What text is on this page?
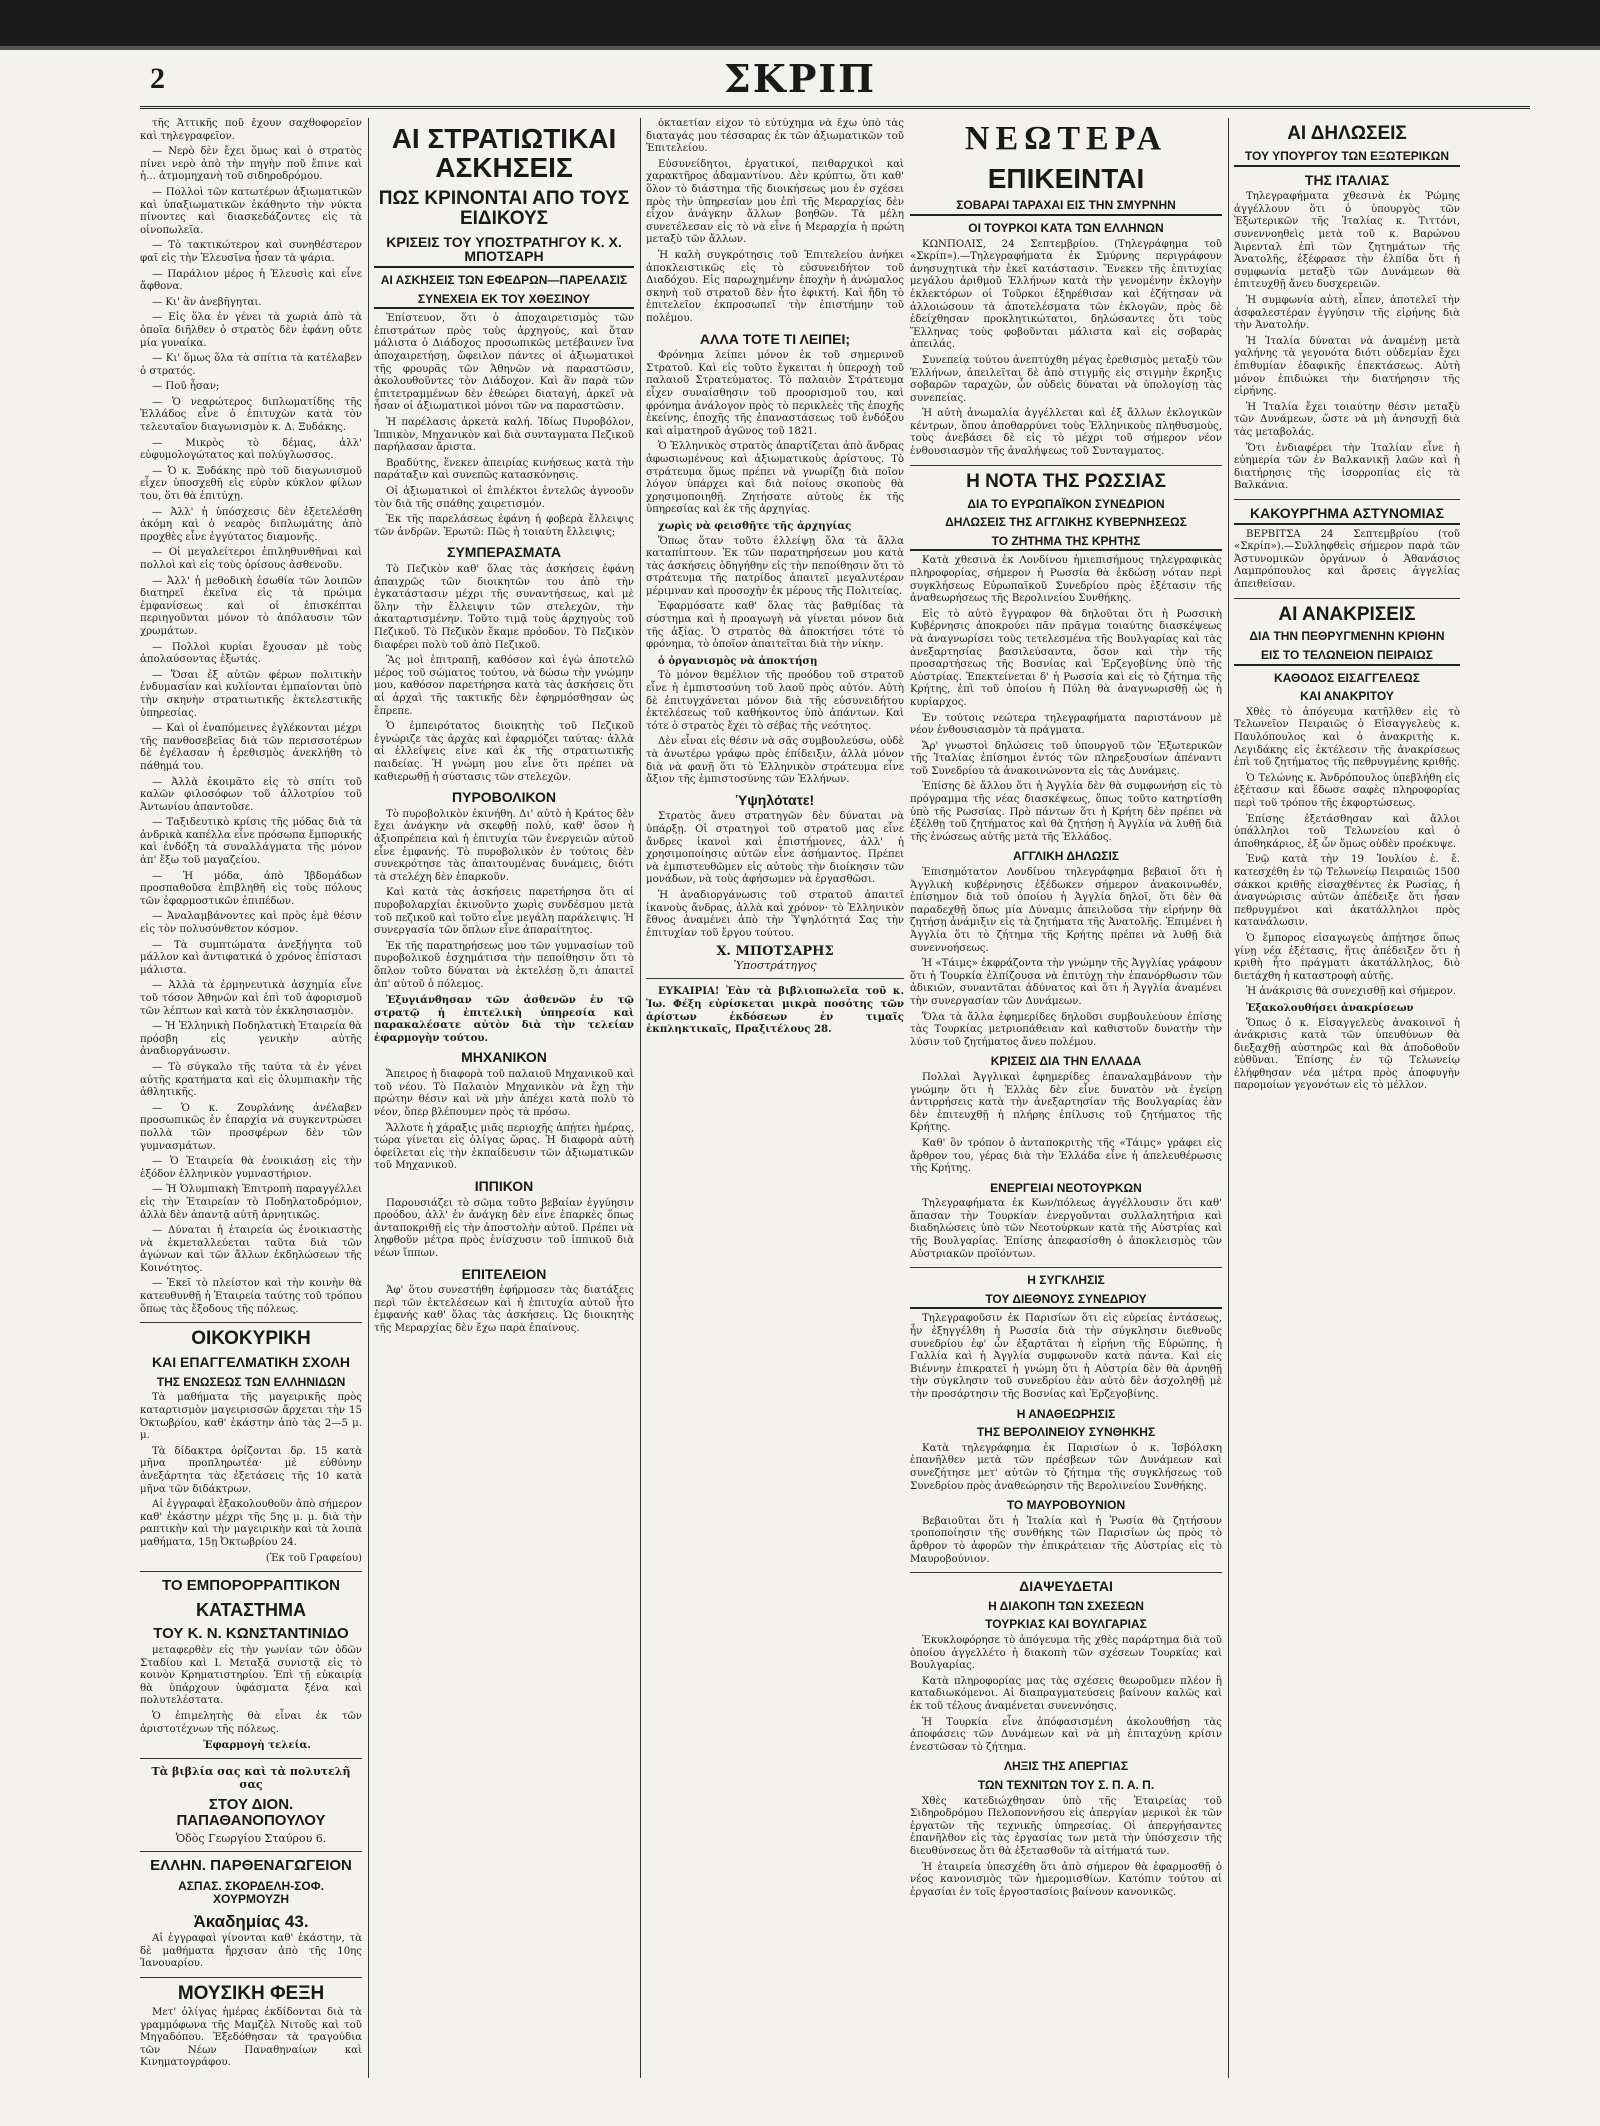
2	ΣΚΡΙΠ

τῆς Ἀττικῆς ποῦ ἔχουν σαχθοφορεῖον καὶ τηλεγραφεῖον.

— Νερὸ δὲν ἔχει ὅμως καὶ ὁ στρατὸς πίνει νερὸ ἀπὸ τὴν πηγὴν ποῦ ἔπινε καὶ ἡ... ἀτμομηχανὴ τοῦ σιδηροδρόμου.

— Πολλοὶ τῶν κατωτέρων ἀξιωματικῶν καὶ ὑπαξιωματικῶν ἐκάθηντο τὴν νύκτα πίνοντες καὶ διασκεδάζοντες εἰς τὰ οἰνοπωλεῖα.

— Τὸ τακτικώτερον καὶ συνηθέστερον φαῖ εἰς τὴν Ἐλευσῖνα ἦσαν τὰ ψάρια.

— Παράλιον μέρος ἡ Ἐλευσὶς καὶ εἶνε ἄφθονα.

— Κι' ἂν ἀνεβῆγηται.

— Εἰς ὅλα ἐν γένει τὰ χωριὰ ἀπὸ τὰ ὁποῖα διῆλθεν ὁ στρατὸς δὲν ἐφάνη οὔτε μία γυναίκα.

— Κι' ὅμως ὅλα τὰ σπίτια τὰ κατέλαβεν ὁ στρατός.

— Ποῦ ἦσαν;

— Ὁ νεαρώτερος διπλωματίδης τῆς Ἑλλάδος εἶνε ὁ ἐπιτυχὼν κατὰ τὸν τελευταῖον διαγωνισμὸν κ. Δ. Ξυδάκης.

— Μικρὸς τὸ δέμας, ἀλλ' εὐφυμολογώτατος καὶ πολύγλωσσος.

— Ὁ κ. Ξυδάκης πρὸ τοῦ διαγωνισμοῦ εἶχεν ὑποσχεθῆ εἰς εὐρὺν κύκλον φίλων του, ὅτι θὰ ἐπιτύχῃ.

— Ἀλλ' ἡ ὑπόσχεσις δὲν ἐξετελέσθη ἀκόμη καὶ ὁ νεαρὸς διπλωμάτης ἀπὸ προχθὲς εἶνε ἐγγύτατος διαμονῆς.

— Οἱ μεγαλείτεροι ἐπιληθυνθῆναι καὶ πολλοὶ καὶ εἰς τοὺς ὁρίσους ἀσθενοῦν.

— Ἀλλ' ἡ μεθοδικὴ ἐσωθία τῶν λοιπῶν διατηρεῖ ἐκεῖνα εἰς τὰ πρώιμα ἐμφανίσεως καὶ οἱ ἐπισκέπται περιηγοῦνται μόνον τὸ ἀπόλαυσιν τῶν χρωμάτων.

— Πολλοὶ κυρίαι ἔχουσαν μὲ τοὺς ἀπολαύσοντας ἐξωτάς.

— Ὅσαι ἐξ αὐτῶν φέρων πολιτικὴν ἐνδυμασίαν καὶ κυλίονται ἐμπαίονται ὑπὸ τὴν σκηνὴν στρατιωτικῆς ἐκτελεστικῆς ὑπηρεσίας.

— Καὶ οἱ ἐναπόμεινες ἐγλέκονται μέχρι τῆς πανθοσεβεῖας διὰ τῶν περισσοτέρων δὲ ἐγέλασαν ἡ ἐρεθισμὸς ἀνεκλήθη τὸ πάθημά του.

— Ἀλλὰ ἐκοιμᾶτο εἰς τὸ σπίτι τοῦ καλῶν φιλοσόφων τοῦ ἀλλοτρίου τοῦ Ἀντωνίου ἀπαντοῦσε.

— Ταξιδευτικὸ κρίσις τῆς μόδας διὰ τὰ ἀνδρικὰ καπέλλα εἶνε πρόσωπα ἔμπορικής καὶ ἐνδόξη τὰ συναλλάγματα τῆς μόνον ἀπ' ἔξω τοῦ μαγαζείου.

— Ἡ μόδα, ἀπὸ Ἰβδομάδων προσπαθοῦσα ἐπιβληθῆ εἰς τοὺς πόλους τῶν ἐφαρμοστικῶν ἐπιπέδων.

— Ἀναλαμβάνοντες καὶ πρὸς ἐμὲ θέσιν εἰς τὸν πολυσύνθετον κόσμον.

— Τὰ συμπτώματα ἀνεξήγητα τοῦ μάλλον καὶ ἀντιφατικά ὁ χρόνος ἐπίστασι μάλιστα.

— Ἀλλὰ τὰ ἐρμηνευτικὰ ἀσχημία εἶνε τοῦ τόσον Ἀθηνῶν καὶ ἐπὶ τοῦ ἀφορισμοῦ τῶν λέπτων καὶ κατὰ τὸν ἐκκλησιασμὸν.

— Ἡ Ἐλληνικὴ Ποδηλατικὴ Ἑταιρεία θὰ πρόσβη εἰς γενικὴν αὐτῆς ἀναδιοργάνωσιν.

— Τὸ σύγκαλο τῆς ταύτα τὰ ἐν γένει αὐτῆς κρατήματα καὶ εἰς ὀλυμπιακὴν τῆς ἀθλητικῆς.

— Ὁ κ. Ζουρλάνης ἀνέλαβεν προσωπικῶς ἐν ἐπαρχία νὰ συγκεντρώσει πολλὰ τῶν προσφέρων δὲν τῶν γυμνασμάτων.

— Ὁ Ἑταιρεία θὰ ἐνοικιάσῃ εἰς τὴν ἑξόδον ἑλληνικὸν γυμναστήριον.

— Ἡ Ὀλυμπιακὴ Ἐπιτροπὴ παραγγέλλει εἰς τὴν Ἑταιρείαν τὸ Ποδηλατοδρόμιον, ἀλλὰ δὲν ἀπαντᾷ αὐτῆ ἀρνητικῶς.

— Δύναται ἡ ἑταιρεία ὡς ἐνοικιαστὴς νὰ ἐκμεταλλεύεται ταῦτα διὰ τῶν ἀγώνων καὶ τῶν ἄλλων ἐκδηλώσεων τῆς Κοινότητος.

— Ἐκεῖ τὸ πλείστον καὶ τὴν κοινὴν θὰ κατευθυνθῇ ἡ Ἑταιρεία ταύτης τοῦ τρόπου ὅπως τὰς ἔξοδους τῆς πόλεως.

ΟΙΚΟΚΥΡΙΚΗ
ΚΑΙ ΕΠΑΓΓΕΛΜΑΤΙΚΗ ΣΧΟΛΗ
ΤΗΣ ΕΝΩΣΕΩΣ ΤΩΝ ΕΛΛΗΝΙΔΩΝ

Τὰ μαθήματα τῆς μαγειρικῆς πρὸς καταρτισμὸν μαγειρισσῶν ἄρχεται τὴν 15 Ὀκτωβρίου, καθ' ἑκάστην ἀπὸ τὰς 2—5 μ. μ.

Τὰ δίδακτρα ὁρίζονται δρ. 15 κατὰ μῆνα προπληρωτέα· μὲ εὐθύνην ἀνεξάρτητα τὰς ἐξετάσεις τῆς 10 κατὰ μῆνα τῶν διδάκτρων.

Αἱ ἐγγραφαὶ ἐξακολουθοῦν ἀπὸ σήμερον καθ' ἑκάστην μέχρι τῆς 5ης μ. μ. διὰ τὴν ραπτικὴν καὶ τὴν μαγειρικὴν καὶ τὰ λοιπὰ μαθήματα, 15ῃ Ὀκτωβρίου 24.

(Ἐκ τοῦ Γραφείου)

ΤΟ ΕΜΠΟΡΟΡΡΑΠΤΙΚΟΝ
ΚΑΤΑΣΤΗΜΑ
ΤΟΥ Κ. Ν. ΚΩΝΣΤΑΝΤΙΝΙΔΟ

μεταφερθὲν εἰς τὴν γωνίαν τῶν ὁδῶν Σταδίου καὶ Ι. Μεταξᾶ συνιστᾷ εἰς τὸ κοινὸν Κρηματιστηρίου. Ἐπὶ τῇ εὐκαιρίᾳ θὰ ὑπάρχουν ὑφάσματα ξένα καὶ πολυτελέστατα.

Ὁ ἐπιμελητὴς θὰ εἶναι ἐκ τῶν ἀριστοτέχνων τῆς πόλεως.

Ἐφαρμογὴ τελεία.

Τὰ βιβλία σας καὶ τὰ πολυτελῆ σας
ΣΤΟΥ ΔΙΟΝ. ΠΑΠΑΘΑΝΟΠΟΥΛΟΥ
Ὁδὸς Γεωργίου Σταύρου 6.
ΕΛΛΗΝ. ΠΑΡΘΕΝΑΓΩΓΕΙΟΝ
ΑΣΠΑΣ. ΣΚΟΡΔΕΛΗ-ΣΟΦ. ΧΟΥΡΜΟΥΖΗ
Ἀκαδημίας 43.

Αἱ ἐγγραφαὶ γίνονται καθ' ἑκάστην, τὰ δὲ μαθήματα ἤρχισαν ἀπὸ τῆς 10ης Ἰανουαρίου.

ΜΟΥΣΙΚΗ ΦΕΞΗ

Μετ' ὀλίγας ἡμέρας ἐκδίδονται διὰ τὰ γραμμόφωνα τῆς Μαμζὲλ Νιτοῦς καὶ τοῦ Μηγαδόπου. Ἐξεδόθησαν τὰ τραγούδια τῶν Νέων Παναθηναίων καὶ Κινηματογράφου.

ΑΙ ΣΤΡΑΤΙΩΤΙΚΑΙ ΑΣΚΗΣΕΙΣ
ΠΩΣ ΚΡΙΝΟΝΤΑΙ ΑΠΟ ΤΟΥΣ ΕΙΔΙΚΟΥΣ
ΚΡΙΣΕΙΣ ΤΟΥ ΥΠΟΣΤΡΑΤΗΓΟΥ Κ. Χ. ΜΠΟΤΣΑΡΗ
ΑΙ ΑΣΚΗΣΕΙΣ ΤΩΝ ΕΦΕΔΡΩΝ—ΠΑΡΕΛΑΣΙΣ
ΣΥΝΕΧΕΙΑ ΕΚ ΤΟΥ ΧΘΕΣΙΝΟΥ

Ἐπίστευον, ὅτι ὁ ἀποχαιρετισμὸς τῶν ἐπιστράτων πρὸς τοὺς ἀρχηγούς, καὶ ὅταν μάλιστα ὁ Διάδοχος προσωπικῶς μετέβαινεν ἵνα ἀποχαιρετήσῃ, ὤφειλον πάντες οἱ ἀξιωματικοὶ τῆς φρουρᾶς τῶν Ἀθηνῶν νὰ παραστῶσιν, ἀκολουθοῦντες τὸν Διάδοχον. Καὶ ἂν παρὰ τῶν ἐπιτετραμμένων δὲν ἐθεώρει διαταγή, ἀρκεῖ νὰ ἦσαν οἱ ἀξιωματικοὶ μόνοι τῶν να παραστῶσιν.

Ἡ παρέλασις ἀρκετὰ καλή. Ἰδίως Πυροβόλον, Ἱππικὸν, Μηχανικὸν καὶ διὰ συνταγματα Πεζικοῦ παρήλασαν ἄριστα.

Βραδύτης, ἕνεκεν ἀπειρίας κινήσεως κατὰ τὴν παράταξιν καὶ συνεπῶς κατασκόνησις.

Οἱ ἀξιωματικοὶ οἱ ἐπιλέκτοι ἐντελῶς ἀγνοοῦν τὸν διὰ τῆς σπάθης χαιρετισμόν.

Ἐκ τῆς παρελάσεως ἐφάνη ἡ φοβερὰ ἔλλειψις τῶν ἀνδρῶν. Ἐρωτῶ: Πῶς ἡ τοιαύτη ἔλλειψις;

ΣΥΜΠΕΡΑΣΜΑΤΑ

Τὸ Πεζικὸν καθ' ὅλας τὰς ἀσκήσεις ἐφάνη ἀπαιχρῶς τῶν διοικητῶν του ἀπὸ τὴν ἐγκατάστασιν μέχρι τῆς συναντήσεως, καὶ μὲ ὅλην τὴν ἔλλειψιν τῶν στελεχῶν, τὴν ἀκαταρτισμένην. Τοῦτο τιμᾷ τοὺς ἀρχηγοὺς τοῦ Πεζικοῦ. Τὸ Πεζικὸν ἔκαμε πρόοδον. Τὸ Πεζικὸν διαφέρει πολὺ τοῦ ἀπὸ Πεζικοῦ.

Ἂς μοὶ ἐπιτραπῇ, καθόσον καὶ ἐγὼ ἀποτελῶ μέρος τοῦ σώματος τούτου, νὰ δώσω τὴν γνώμην μου, καθόσον παρετήρησα κατὰ τὰς ἀσκήσεις ὅτι αἱ ἀρχαὶ τῆς τακτικῆς δὲν ἐφηρμόσθησαν ὡς ἔπρεπε.

Ὁ ἐμπειρότατος διοικητὴς τοῦ Πεζικοῦ ἐγνώριζε τὰς ἀρχὰς καὶ ἐφαρμόζει ταύτας· ἀλλὰ αἱ ἐλλείψεις εἶνε καὶ ἐκ τῆς στρατιωτικῆς παιδείας. Ἡ γνώμη μου εἶνε ὅτι πρέπει νὰ καθιερωθῇ ἡ σύστασις τῶν στελεχῶν.

ΠΥΡΟΒΟΛΙΚΟΝ

Τὸ πυροβολικὸν ἐκινήθη. Δι' αὐτὸ ἡ Κράτος δὲν ἔχει ἀνάγκην νὰ σκεφθῇ πολύ, καθ' ὅσον ἡ ἀξιοπρέπεια καὶ ἡ ἐπιτυχία τῶν ἐνεργειῶν αὐτοῦ εἶνε ἐμφανής. Τὸ πυροβολικὸν ἐν τούτοις δὲν συνεκρότησε τὰς ἀπαιτουμένας δυνάμεις, διότι τὰ στελέχη δὲν ἐπαρκοῦν.

Καὶ κατὰ τὰς ἀσκήσεις παρετήρησα ὅτι αἱ πυροβολαρχίαι ἐκινοῦντο χωρὶς συνδέσμου μετὰ τοῦ πεζικοῦ καὶ τοῦτο εἶνε μεγάλη παράλειψις. Ἡ συνεργασία τῶν ὅπλων εἶνε ἀπαραίτητος.

Ἐκ τῆς παρατηρήσεως μου τῶν γυμνασίων τοῦ πυροβολικοῦ ἐσχημάτισα τὴν πεποίθησιν ὅτι τὸ ὅπλον τοῦτο δύναται νὰ ἐκτελέσῃ ὅ,τι ἀπαιτεῖ ἀπ' αὐτοῦ ὁ πόλεμος.

Ἐξυγιάνθησαν τῶν ἀσθενῶν ἐν τῷ στρατῷ ἡ ἐπιτελικὴ ὑπηρεσία καὶ παρακαλέσατε αὐτὸν διὰ τὴν τελείαν ἐφαρμογὴν τούτου.

ΜΗΧΑΝΙΚΟΝ

Ἄπειρος ἡ διαφορὰ τοῦ παλαιοῦ Μηχανικοῦ καὶ τοῦ νέου. Τὸ Παλαιὸν Μηχανικὸν νὰ ἔχῃ τὴν πρώτην θέσιν καὶ νὰ μὴν ἀπέχει κατὰ πολὺ τὸ νέον, ὅπερ βλέπουμεν πρὸς τὰ πρόσω.

Ἄλλοτε ἡ χάραξις μιᾶς περιοχῆς ἀπῄτει ἡμέρας, τώρα γίνεται εἰς ὀλίγας ὥρας. Ἡ διαφορὰ αὐτὴ ὀφείλεται εἰς τὴν ἐκπαίδευσιν τῶν ἀξιωματικῶν τοῦ Μηχανικοῦ.

ΙΠΠΙΚΟΝ

Παρουσιάζει τὸ σῶμα τοῦτο βεβαίαν ἐγγύησιν προόδου, ἀλλ' ἐν ἀνάγκῃ δὲν εἶνε ἐπαρκὲς ὅπως ἀνταποκριθῇ εἰς τὴν ἀποστολὴν αὐτοῦ. Πρέπει νὰ ληφθοῦν μέτρα πρὸς ἐνίσχυσιν τοῦ ἱππικοῦ διὰ νέων ἵππων.

ΕΠΙΤΕΛΕΙΟΝ

Ἀφ' ὅτου συνεστήθη ἐφήρμοσεν τὰς διατάξεις περὶ τῶν ἐκτελέσεων καὶ ἡ ἐπιτυχία αὐτοῦ ἦτο ἐμφανής καθ' ὅλας τὰς ἀσκήσεις. Ὡς διοικητὴς τῆς Μεραρχίας δὲν ἔχω παρὰ ἐπαίνους.

ὀκταετίαν εἶχον τὸ εὐτύχημα νὰ ἔχω ὑπὸ τὰς διαταγάς μου τέσσαρας ἐκ τῶν ἀξιωματικῶν τοῦ Ἐπιτελείου.

Εὐσυνείδητοι, ἐργατικοί, πειθαρχικοὶ καὶ χαρακτῆρος ἀδαμαντίνου. Δὲν κρύπτω, ὅτι καθ' ὅλον τὸ διάστημα τῆς διοικήσεως μου ἐν σχέσει πρὸς τὴν ὑπηρεσίαν μου ἐπὶ τῆς Μεραρχίας δὲν εἶχον ἀνάγκην ἄλλων βοηθῶν. Τὰ μέλη συνετέλεσαν εἰς τὸ νὰ εἶνε ἡ Μεραρχία ἡ πρώτη μεταξὺ τῶν ἄλλων.

Ἡ καλὴ συγκρότησις τοῦ Ἐπιτελείου ἀνήκει ἀποκλειστικῶς εἰς τὸ εὐσυνειδήτον τοῦ Διαδόχου. Εἰς παρωχημένην ἐποχὴν ἡ ἀνώμαλος σκηνὴ τοῦ στρατοῦ δὲν ἦτο ἐφικτή. Καὶ ἤδη τὸ ἐπιτελεῖον ἐκπροσωπεῖ τὴν ἐπιστήμην τοῦ πολέμου.

ΑΛΛΑ ΤΟΤΕ ΤΙ ΛΕΙΠΕΙ;

Φρόνημα λείπει μόνον ἐκ τοῦ σημερινοῦ Στρατοῦ. Καὶ εἰς τοῦτο ἔγκειται ἡ ὑπεροχὴ τοῦ παλαιοῦ Στρατεύματος. Τὸ παλαιὸν Στράτευμα εἶχεν συναίσθησιν τοῦ προορισμοῦ του, καὶ φρόνημα ἀνάλογον πρὸς τὸ περικλεὲς τῆς ἐποχῆς ἐκείνης, ἐποχῆς τῆς ἐπαναστάσεως τοῦ ἐνδόξου καὶ αἱματηροῦ ἀγῶνος τοῦ 1821.

Ὁ Ἑλληνικὸς στρατὸς ἀπαρτίζεται ἀπὸ ἄνδρας ἀφωσιωμένους καὶ ἀξιωματικοὺς ἀρίστους. Τὸ στράτευμα ὅμως πρέπει νὰ γνωρίζῃ διὰ ποῖον λόγον ὑπάρχει καὶ διὰ ποίους σκοποὺς θὰ χρησιμοποιηθῇ. Ζητήσατε αὐτοὺς ἐκ τῆς ὑπηρεσίας καὶ ἐκ τῆς ἀρχηγίας.

χωρὶς νὰ φεισθῆτε τῆς ἀρχηγίας

Ὅπως ὅταν τοῦτο ἐλλείψῃ ὅλα τὰ ἄλλα καταπίπτουν. Ἐκ τῶν παρατηρήσεων μου κατὰ τὰς ἀσκήσεις ὁδηγήθην εἰς τὴν πεποίθησιν ὅτι τὸ στράτευμα τῆς πατρίδος ἀπαιτεῖ μεγαλυτέραν μέριμναν καὶ προσοχὴν ἐκ μέρους τῆς Πολιτείας.

Ἐφαρμόσατε καθ' ὅλας τὰς βαθμίδας τὰ σύστημα καὶ ἡ προαγωγὴ νὰ γίνεται μόνον διὰ τῆς ἀξίας. Ὁ στρατὸς θὰ ἀποκτήσει τότε τὸ φρόνημα, τὸ ὁποῖον ἀπαιτεῖται διὰ τὴν νίκην.

ὁ ὀργανισμὸς νὰ ἀποκτήσῃ

Τὸ μόνον θεμέλιον τῆς προόδου τοῦ στρατοῦ εἶνε ἡ ἐμπιστοσύνη τοῦ λαοῦ πρὸς αὐτόν. Αὐτὴ δὲ ἐπιτυγχάνεται μόνον διὰ τῆς εὐσυνειδήτου ἐκτελέσεως τοῦ καθήκοντος ὑπὸ ἁπάντων. Καὶ τότε ὁ στρατὸς ἔχει τὸ σέβας τῆς νεότητος.

Δὲν εἶναι εἰς θέσιν νὰ σᾶς συμβουλεύσω, οὐδὲ τὰ ἀνωτέρω γράφω πρὸς ἐπίδειξιν, ἀλλὰ μόνον διὰ νὰ φανῇ ὅτι τὸ Ἑλληνικὸν στράτευμα εἶνε ἄξιον τῆς ἐμπιστοσύνης τῶν Ἑλλήνων.

Ὑψηλότατε!

Στρατὸς ἄνευ στρατηγῶν δὲν δύναται νὰ ὑπάρξῃ. Οἱ στρατηγοὶ τοῦ στρατοῦ μας εἶνε ἄνδρες ἱκανοὶ καὶ ἐπιστήμονες, ἀλλ' ἡ χρησιμοποίησις αὐτῶν εἶνε ἀσήμαντος. Πρέπει νὰ ἐμπιστευθῶμεν εἰς αὐτοὺς τὴν διοίκησιν τῶν μονάδων, νὰ τοὺς ἀφήσωμεν νὰ ἐργασθῶσι.

Ἡ ἀναδιοργάνωσις τοῦ στρατοῦ ἀπαιτεῖ ἱκανοὺς ἄνδρας, ἀλλὰ καὶ χρόνον· τὸ Ἑλληνικὸν ἔθνος ἀναμένει ἀπὸ τὴν Ὑψηλότητά Σας τὴν ἐπιτυχίαν τοῦ ἔργου τούτου.

Χ. ΜΠΟΤΣΑΡΗΣ
Ὑποστράτηγος

ΕΥΚΑΙΡΙΑ! Ἐὰν τὰ βιβλιοπωλεῖα τοῦ κ. Ἰω. Φέξη εὑρίσκεται μικρὰ ποσότης τῶν ἀρίστων ἐκδόσεων ἐν τιμαῖς ἐκπληκτικαῖς, Πραξιτέλους 28.

ΝΕΩΤΕΡΑ
ΕΠΙΚΕΙΝΤΑΙ
ΣΟΒΑΡΑΙ ΤΑΡΑΧΑΙ ΕΙΣ ΤΗΝ ΣΜΥΡΝΗΝ
ΟΙ ΤΟΥΡΚΟΙ ΚΑΤΑ ΤΩΝ ΕΛΛΗΝΩΝ

ΚΩΝΠΟΛΙΣ, 24 Σεπτεμβρίου. (Τηλεγράφημα τοῦ «Σκρίπ»).—Τηλεγραφήματα ἐκ Σμύρνης περιγράφουν ἀνησυχητικὰ τὴν ἐκεῖ κατάστασιν. Ἕνεκεν τῆς ἐπιτυχίας μεγάλου ἀριθμοῦ Ἑλλήνων κατὰ τὴν γενομένην ἐκλογὴν ἐκλεκτόρων οἱ Τοῦρκοι ἐξηρέθισαν καὶ ἐζήτησαν νὰ ἀλλοιώσουν τὰ ἀποτελέσματα τῶν ἐκλογῶν, πρὸς δὲ ἐδείχθησαν προκλητικώτατοι, δηλώσαντες ὅτι τοὺς Ἕλληνας τοὺς φοβοῦνται μάλιστα καὶ εἰς σοβαρὰς ἀπειλάς.

Συνεπείᾳ τούτου ἀνεπτύχθη μέγας ἐρεθισμὸς μεταξὺ τῶν Ἑλλήνων, ἀπειλεῖται δὲ ἀπὸ στιγμῆς εἰς στιγμὴν ἔκρηξις σοβαρῶν ταραχῶν, ὧν οὐδεὶς δύναται νὰ ὑπολογίσῃ τὰς συνεπείας.

Ἡ αὐτὴ ἀνωμαλία ἀγγέλλεται καὶ ἐξ ἄλλων ἐκλογικῶν κέντρων, ὅπου ἀποθαρρύνει τοὺς Ἑλληνικοὺς πληθυσμοὺς, τοὺς ἀνεβάσει δὲ εἰς τὸ μέχρι τοῦ σήμερον νέον ἐνθουσιασμὸν τῆς ἀναλήψεως τοῦ Συνταγματος.

Η ΝΟΤΑ ΤΗΣ ΡΩΣΣΙΑΣ
ΔΙΑ ΤΟ ΕΥΡΩΠΑΪΚΟΝ ΣΥΝΕΔΡΙΟΝ
ΔΗΛΩΣΕΙΣ ΤΗΣ ΑΓΓΛΙΚΗΣ ΚΥΒΕΡΝΗΣΕΩΣ
ΤΟ ΖΗΤΗΜΑ ΤΗΣ ΚΡΗΤΗΣ

Κατὰ χθεσινὰ ἐκ Λονδίνου ἡμιεπισήμους τηλεγραφικὰς πληροφορίας, σήμερον ἡ Ρωσσία θὰ ἐκδώσῃ νόταν περὶ συγκλήσεως Εὐρωπαϊκοῦ Συνεδρίου πρὸς ἐξέτασιν τῆς ἀναθεωρήσεως τῆς Βερολινείου Συνθήκης.

Εἰς τὸ αὐτὸ ἔγγραφον θὰ δηλοῦται ὅτι ἡ Ρωσσικὴ Κυβέρνησις ἀποκρούει πᾶν πρᾶγμα τοιαύτης διασκέψεως νὰ ἀναγνωρίσει τοὺς τετελεσμένα τῆς Βουλγαρίας καὶ τὰς ἀνεξαρτησίας βασιλεύσαντα, ὅσον καὶ τὴν τῆς προσαρτήσεως τῆς Βοσνίας καὶ Ἐρζεγοβίνης ὑπὸ τῆς Αὐστρίας. Ἐπεκτείνεται δ' ἡ Ρωσσία καὶ εἰς τὸ ζήτημα τῆς Κρήτης, ἐπὶ τοῦ ὁποίου ἡ Πύλη θὰ ἀναγνωρισθῇ ὡς ἡ κυρίαρχος.

Ἐν τούτοις νεώτερα τηλεγραφήματα παριστάνουν μὲ νέον ἐνθουσιασμὸν τὰ πράγματα.

Ἄρ' γνωστοὶ δηλώσεις τοῦ ὑπουργοῦ τῶν Ἐξωτερικῶν τῆς Ἰταλίας ἐπίσημοι ἐντός τῶν πληρεξουσίων ἀπέναντι τοῦ Συνεδρίου τὰ ἀνακοινώνοντα εἰς τὰς Δυνάμεις.

Ἐπίσης δὲ ἄλλου ὅτι ἡ Ἀγγλία δὲν θὰ συμφωνήσῃ εἰς τὸ πρόγραμμα τῆς νέας διασκέψεως, ὅπως τοῦτο κατηρτίσθη ὑπὸ τῆς Ρωσσίας. Πρὸ πάντων ὅτι ἡ Κρήτη δὲν πρέπει νὰ ἐξέλθῃ τοῦ ζητήματος καὶ θὰ ζητήσῃ ἡ Ἀγγλία νὰ λυθῇ διὰ τῆς ἑνώσεως αὐτῆς μετὰ τῆς Ἑλλάδος.

ΑΓΓΛΙΚΗ ΔΗΛΩΣΙΣ

Ἐπισημότατον Λονδίνου τηλεγράφημα βεβαιοῖ ὅτι ἡ Ἀγγλικὴ κυβέρνησις ἐξέδωκεν σήμερον ἀνακοινωθέν, ἐπίσημον διὰ τοῦ ὁποίου ἡ Ἀγγλία δηλοῖ, ὅτι δὲν θὰ παραδεχθῇ ὅπως μία Δύναμις ἀπειλοῦσα τὴν εἰρήνην θὰ ζητήσῃ ἀνάμιξιν εἰς τὰ ζητήματα τῆς Ἀνατολῆς. Ἐπιμένει ἡ Ἀγγλία ὅτι τὸ ζήτημα τῆς Κρήτης πρέπει νὰ λυθῇ διὰ συνεννοήσεως.

Ἡ «Τάιμς» ἐκφράζοντα τὴν γνώμην τῆς Ἀγγλίας γράφουν ὅτι ἡ Τουρκία ἐλπίζουσα νὰ ἐπιτύχῃ τὴν ἐπανόρθωσιν τῶν ἀδικιῶν, συναντᾶται ἀδύνατος καὶ ὅτι ἡ Ἀγγλία ἀναμένει τὴν συνεργασίαν τῶν Δυνάμεων.

Ὅλα τὰ ἄλλα ἐφημερίδες δηλοῦσι συμβουλεύουν ἐπίσης τὰς Τουρκίας μετριοπάθειαν καὶ καθιστοῦν δυνατὴν τὴν λύσιν τοῦ ζητήματος ἄνευ πολέμου.

ΚΡΙΣΕΙΣ ΔΙΑ ΤΗΝ ΕΛΛΑΔΑ

Πολλαὶ Ἀγγλικαὶ ἐφημερίδες ἐπαναλαμβάνουν τὴν γνώμην ὅτι ἡ Ἑλλὰς δὲν εἶνε δυνατὸν νὰ ἐγείρῃ ἀντιρρήσεις κατὰ τὴν ἀνεξαρτησίαν τῆς Βουλγαρίας ἐὰν δὲν ἐπιτευχθῇ ἡ πλήρης ἐπίλυσις τοῦ ζητήματος τῆς Κρήτης.

Καθ' ὃν τρόπον ὁ ἀνταποκριτὴς τῆς «Τάιμς» γράφει εἰς ἄρθρον του, γέρας διὰ τὴν Ἑλλάδα εἶνε ἡ ἀπελευθέρωσις τῆς Κρήτης.

ΕΝΕΡΓΕΙΑΙ ΝΕΟΤΟΥΡΚΩΝ

Τηλεγραφήματα ἐκ Κων/πόλεως ἀγγέλλουσιν ὅτι καθ' ἅπασαν τὴν Τουρκίαν ἐνεργοῦνται συλλαλητήρια καὶ διαδηλώσεις ὑπὸ τῶν Νεοτούρκων κατὰ τῆς Αὐστρίας καὶ τῆς Βουλγαρίας. Ἐπίσης ἀπεφασίσθη ὁ ἀποκλεισμὸς τῶν Αὐστριακῶν προϊόντων.

Η ΣΥΓΚΛΗΣΙΣ
ΤΟΥ ΔΙΕΘΝΟΥΣ ΣΥΝΕΔΡΙΟΥ

Τηλεγραφοῦσιν ἐκ Παρισίων ὅτι εἰς εὐρείας ἐντάσεως, ἦν ἐξηγγέλθη ἡ Ρωσσία διὰ τὴν σύγκλησιν διεθνοῦς συνεδρίου ἐφ' ὧν ἐξαρτᾶται ἡ εἰρήνη τῆς Εὐρώπης, ἡ Γαλλία καὶ ἡ Ἀγγλία συμφωνοῦν κατὰ πάντα. Καὶ εἰς Βιέννην ἐπικρατεῖ ἡ γνώμη ὅτι ἡ Αὐστρία δὲν θὰ ἀρνηθῇ τὴν σύγκλησιν τοῦ συνεδρίου ἐὰν αὐτὸ δὲν ἀσχοληθῇ μὲ τὴν προσάρτησιν τῆς Βοσνίας καὶ Ἐρζεγοβίνης.

Η ΑΝΑΘΕΩΡΗΣΙΣ
ΤΗΣ ΒΕΡΟΛΙΝΕΙΟΥ ΣΥΝΘΗΚΗΣ

Κατὰ τηλεγράφημα ἐκ Παρισίων ὁ κ. Ἰσβόλσκη ἐπανῆλθεν μετὰ τῶν πρέσβεων τῶν Δυνάμεων καὶ συνεζήτησε μετ' αὐτῶν τὸ ζήτημα τῆς συγκλήσεως τοῦ Συνεδρίου πρὸς ἀναθεώρησιν τῆς Βερολινείου Συνθήκης.

ΤΟ ΜΑΥΡΟΒΟΥΝΙΟΝ

Βεβαιοῦται ὅτι ἡ Ἰταλία καὶ ἡ Ῥωσία θὰ ζητήσουν τροποποίησιν τῆς συνθήκης τῶν Παρισίων ὡς πρὸς τὸ ἄρθρον τὸ ἀφορῶν τὴν ἐπικράτειαν τῆς Αὐστρίας εἰς τὸ Μαυροβούνιον.

ΔΙΑΨΕΥΔΕΤΑΙ
Η ΔΙΑΚΟΠΗ ΤΩΝ ΣΧΕΣΕΩΝ
ΤΟΥΡΚΙΑΣ ΚΑΙ ΒΟΥΛΓΑΡΙΑΣ

Ἐκυκλοφόρησε τὸ ἀπόγευμα τῆς χθὲς παράρτημα διὰ τοῦ ὁποίου ἀγγελλέτο ἡ διακοπὴ τῶν σχέσεων Τουρκίας καὶ Βουλγαρίας.

Κατὰ πληροφορίας μας τὰς σχέσεις θεωροῦμεν πλέον ἢ καταδιωκόμενοι. Αἱ διαπραγματεύσεις βαίνουν καλῶς καὶ ἐκ τοῦ τέλους ἀναμένεται συνεννόησις.

Ἡ Τουρκία εἶνε ἀπόφασισμένη ἀκολουθήσῃ τὰς ἀποφάσεις τῶν Δυνάμεων καὶ νὰ μὴ ἐπιταχύνῃ κρίσιν ἐνεστῶσαν τὸ ζήτημα.

ΛΗΞΙΣ ΤΗΣ ΑΠΕΡΓΙΑΣ
ΤΩΝ ΤΕΧΝΙΤΩΝ ΤΟΥ Σ. Π. Α. Π.

Χθὲς κατεδιώχθησαν ὑπὸ τῆς Ἑταιρείας τοῦ Σιδηροδρόμου Πελοποννήσου εἰς ἀπεργίαν μερικοὶ ἐκ τῶν ἐργατῶν τῆς τεχνικῆς ὑπηρεσίας. Οἱ ἀπεργήσαντες ἐπανῆλθον εἰς τὰς ἐργασίας των μετὰ τὴν ὑπόσχεσιν τῆς διευθύνσεως ὅτι θὰ ἐξετασθοῦν τὰ αἰτήματά των.

Ἡ ἐταιρεία ὑπεσχέθη ὅτι ἀπὸ σήμερον θὰ ἐφαρμοσθῇ ὁ νέος κανονισμὸς τῶν ἡμερομισθίων. Κατόπιν τούτου αἱ ἐργασίαι ἐν τοῖς ἐργοστασίοις βαίνουν κανονικῶς.

ΑΙ ΔΗΛΩΣΕΙΣ
ΤΟΥ ΥΠΟΥΡΓΟΥ ΤΩΝ ΕΞΩΤΕΡΙΚΩΝ
ΤΗΣ ΙΤΑΛΙΑΣ

Τηλεγραφήματα χθεσινὰ ἐκ Ῥώμης ἀγγέλλουν ὅτι ὁ ὑπουργὸς τῶν Ἐξωτερικῶν τῆς Ἰταλίας κ. Τιττόνι, συνεννοηθεὶς μετὰ τοῦ κ. Βαρώνου Ἀιρενταλ ἐπὶ τῶν ζητημάτων τῆς Ἀνατολῆς, ἐξέφρασε τὴν ἐλπίδα ὅτι ἡ συμφωνία μεταξὺ τῶν Δυνάμεων θὰ ἐπιτευχθῇ ἄνευ δυσχερειῶν.

Ἡ συμφωνία αὐτὴ, εἶπεν, ἀποτελεῖ τὴν ἀσφαλεστέραν ἐγγύησιν τῆς εἰρήνης διὰ τὴν Ἀνατολήν.

Ἡ Ἰταλία δύναται νὰ ἀναμένῃ μετὰ γαλήνης τὰ γεγονότα διότι οὐδεμίαν ἔχει ἐπιθυμίαν ἐδαφικῆς ἐπεκτάσεως. Αὐτὴ μόνον ἐπιδιώκει τὴν διατήρησιν τῆς εἰρήνης.

Ἡ Ἰταλία ἔχει τοιαύτην θέσιν μεταξὺ τῶν Δυνάμεων, ὥστε νὰ μὴ ἀνησυχῇ διὰ τὰς μεταβολάς.

Ὅτι ἐνδιαφέρει τὴν Ἰταλίαν εἶνε ἡ εὐημερία τῶν ἐν Βαλκανικῇ λαῶν καὶ ἡ διατήρησις τῆς ἰσορροπίας εἰς τὰ Βαλκάνια.

ΚΑΚΟΥΡΓΗΜΑ ΑΣΤΥΝΟΜΙΑΣ

ΒΕΡΒΙΤΣΑ 24 Σεπτεμβρίου (τοῦ «Σκρίπ»).—Συλληφθεὶς σήμερον παρὰ τῶν Ἀστυνομικῶν ὀργάνων ὁ Ἀθανάσιος Λαμπρόπουλος καὶ ἄρσεις ἀγγελίας ἀπειθείσαν.

ΑΙ ΑΝΑΚΡΙΣΕΙΣ
ΔΙΑ ΤΗΝ ΠΕΘΡΥΓΜΕΝΗΝ ΚΡΙΘΗΝ
ΕΙΣ ΤΟ ΤΕΛΩΝΕΙΟΝ ΠΕΙΡΑΙΩΣ
ΚΑΘΟΔΟΣ ΕΙΣΑΓΓΕΛΕΩΣ
ΚΑΙ ΑΝΑΚΡΙΤΟΥ

Χθὲς τὸ ἀπόγευμα κατῆλθεν εἰς τὸ Τελωνεῖον Πειραιῶς ὁ Εἰσαγγελεὺς κ. Παυλόπουλος καὶ ὁ ἀνακριτὴς κ. Λεγιδάκης εἰς ἐκτέλεσιν τῆς ἀνακρίσεως ἐπὶ τοῦ ζητήματος τῆς πεθρυγμένης κριθῆς.

Ὁ Τελώνης κ. Ἀνδρόπουλος ὑπεβλήθη εἰς ἐξέτασιν καὶ ἔδωσε σαφὲς πληροφορίας περὶ τοῦ τρόπου τῆς ἐκφορτώσεως.

Ἐπίσης ἐξετάσθησαν καὶ ἄλλοι ὑπάλληλοι τοῦ Τελωνείου καὶ ὁ ἀποθηκάριος, ἐξ ὧν ὅμως οὐδὲν προέκυψε.

Ἐνῷ κατὰ τὴν 19 Ἰουλίου ἐ. ἔ. κατεσχέθη ἐν τῷ Τελωνείῳ Πειραιῶς 1500 σάκκοι κριθῆς εἰσαχθέντες ἐκ Ρωσίας, ἡ ἀναγνώρισις αὐτῶν ἀπέδειξε ὅτι ἦσαν πεθρυγμένοι καὶ ἀκατάλληλοι πρὸς κατανάλωσιν.

Ὁ ἔμπορος εἰσαγωγεὺς ἀπῄτησε ὅπως γίνῃ νέα ἐξέτασις, ἥτις ἀπέδειξεν ὅτι ἡ κριθὴ ἦτο πράγματι ἀκατάλληλος, διὸ διετάχθη ἡ καταστροφὴ αὐτῆς.

Ἡ ἀνάκρισις θὰ συνεχισθῇ καὶ σήμερον.

Ἐξακολουθήσει ἀνακρίσεων

Ὅπως ὁ κ. Εἰσαγγελεὺς ἀνακοινοῖ ἡ ἀνάκρισις κατὰ τῶν ὑπευθύνων θὰ διεξαχθῇ αὐστηρῶς καὶ θὰ ἀποδοθοῦν εὐθῦναι. Ἐπίσης ἐν τῷ Τελωνείῳ ἐλήφθησαν νέα μέτρα πρὸς ἀποφυγὴν παρομοίων γεγονότων εἰς τὸ μέλλον.
